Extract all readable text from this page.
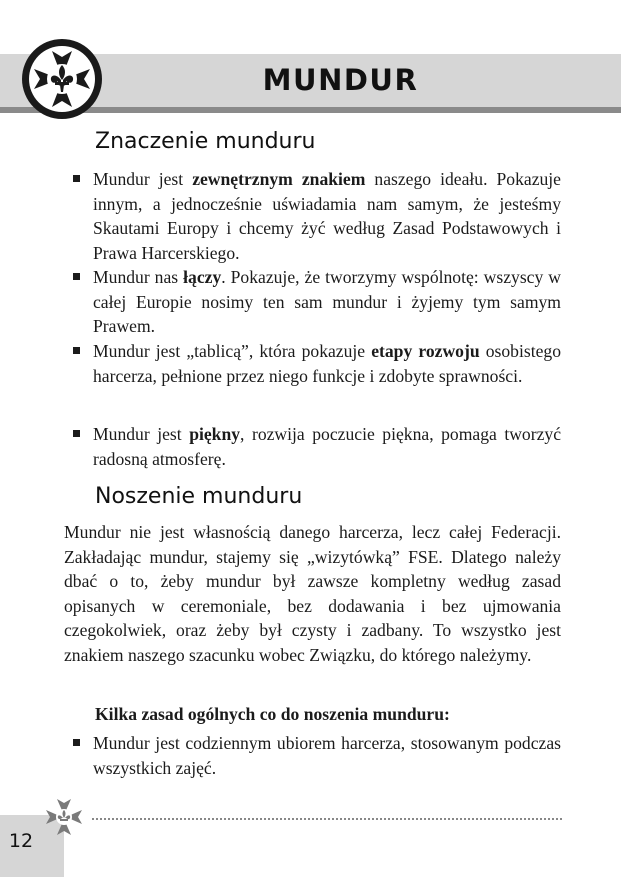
MUNDUR
Znaczenie munduru
Mundur jest zewnętrznym znakiem naszego ideału. Pokazuje innym, a jednocześnie uświadamia nam samym, że jesteśmy Skautami Europy i chcemy żyć według Zasad Podstawowych i Prawa Harcerskiego.
Mundur nas łączy. Pokazuje, że tworzymy wspólnotę: wszyscy w całej Europie nosimy ten sam mundur i żyjemy tym samym Prawem.
Mundur jest „tablicą”, która pokazuje etapy rozwoju osobistego harcerza, pełnione przez niego funkcje i zdobyte sprawności.
Mundur jest piękny, rozwija poczucie piękna, pomaga tworzyć radosną atmosferę.
Noszenie munduru

Mundur nie jest własnością danego harcerza, lecz całej Federacji. Zakładając mundur, stajemy się „wizytówką” FSE. Dlatego należy dbać o to, żeby mundur był zawsze kompletny według zasad opisanych w ceremoniale, bez dodawania i bez ujmowania czegokolwiek, oraz żeby był czysty i zadbany. To wszystko jest znakiem naszego szacunku wobec Związku, do którego należymy.

Kilka zasad ogólnych co do noszenia munduru:

Mundur jest codziennym ubiorem harcerza, stosowanym podczas wszystkich zajęć.
12
